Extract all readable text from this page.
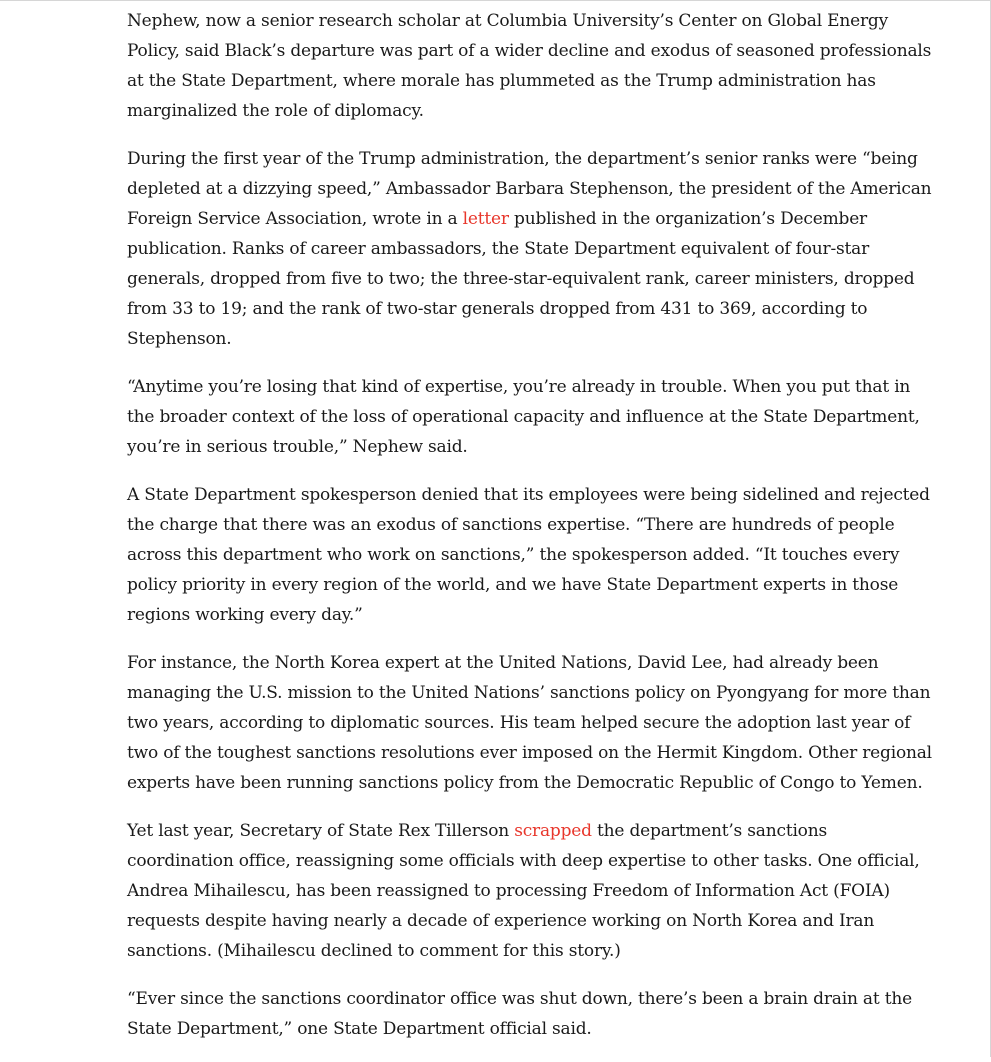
Nephew, now a senior research scholar at Columbia University’s Center on Global Energy Policy, said Black’s departure was part of a wider decline and exodus of seasoned professionals at the State Department, where morale has plummeted as the Trump administration has marginalized the role of diplomacy.

During the first year of the Trump administration, the department’s senior ranks were “being depleted at a dizzying speed,” Ambassador Barbara Stephenson, the president of the American Foreign Service Association, wrote in a letter published in the organization’s December publication. Ranks of career ambassadors, the State Department equivalent of four-star generals, dropped from five to two; the three-star-equivalent rank, career ministers, dropped from 33 to 19; and the rank of two-star generals dropped from 431 to 369, according to Stephenson.

“Anytime you’re losing that kind of expertise, you’re already in trouble. When you put that in the broader context of the loss of operational capacity and influence at the State Department, you’re in serious trouble,” Nephew said.

A State Department spokesperson denied that its employees were being sidelined and rejected the charge that there was an exodus of sanctions expertise. “There are hundreds of people across this department who work on sanctions,” the spokesperson added. “It touches every policy priority in every region of the world, and we have State Department experts in those regions working every day.”

For instance, the North Korea expert at the United Nations, David Lee, had already been managing the U.S. mission to the United Nations’ sanctions policy on Pyongyang for more than two years, according to diplomatic sources. His team helped secure the adoption last year of two of the toughest sanctions resolutions ever imposed on the Hermit Kingdom. Other regional experts have been running sanctions policy from the Democratic Republic of Congo to Yemen.

Yet last year, Secretary of State Rex Tillerson scrapped the department’s sanctions coordination office, reassigning some officials with deep expertise to other tasks. One official, Andrea Mihailescu, has been reassigned to processing Freedom of Information Act (FOIA) requests despite having nearly a decade of experience working on North Korea and Iran sanctions. (Mihailescu declined to comment for this story.)

“Ever since the sanctions coordinator office was shut down, there’s been a brain drain at the State Department,” one State Department official said.
